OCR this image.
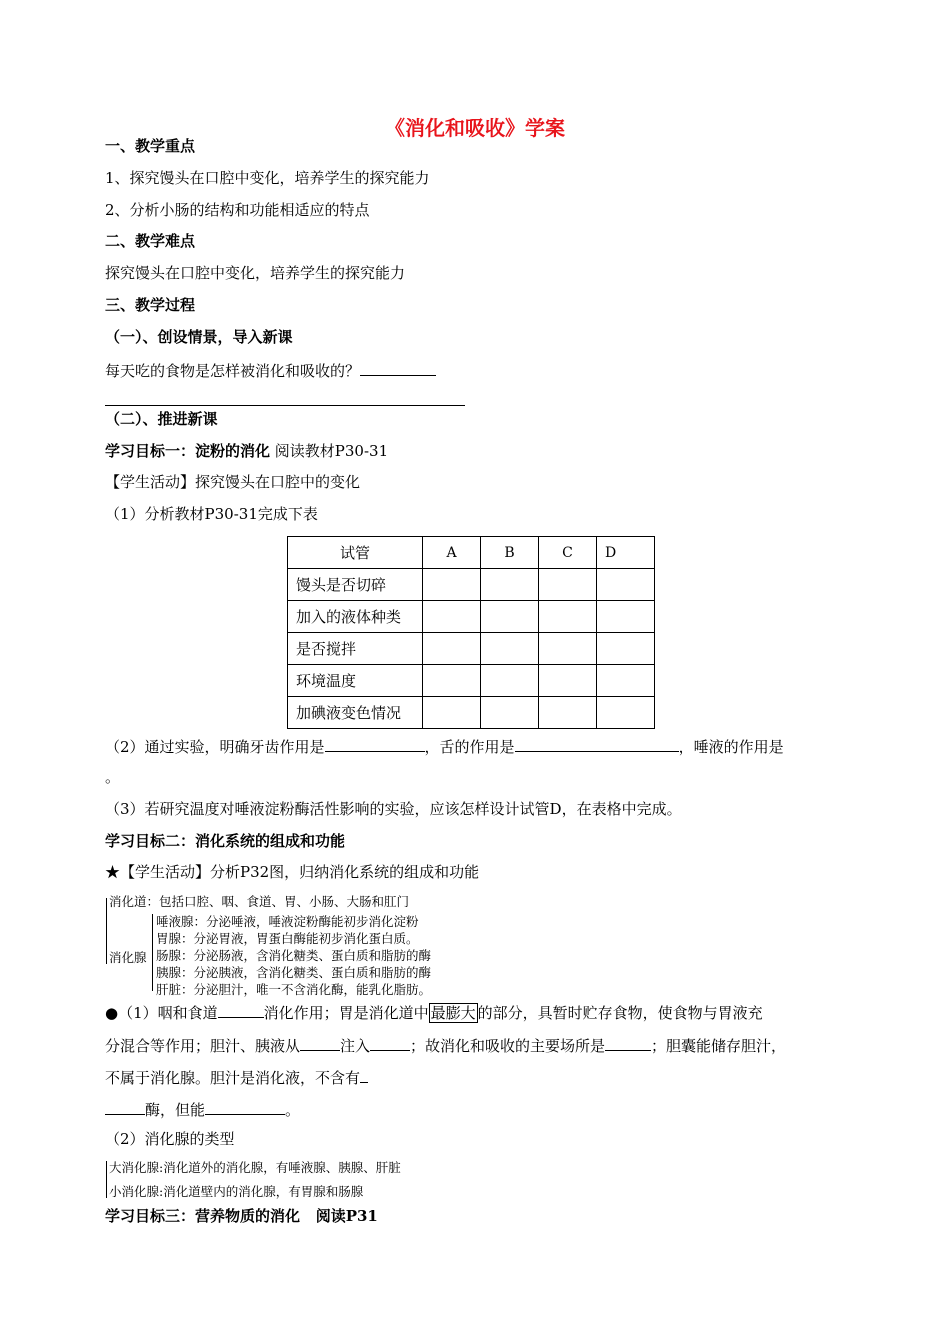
《消化和吸收》学案
一、教学重点
1、探究馒头在口腔中变化，培养学生的探究能力
2、分析小肠的结构和功能相适应的特点
二、教学难点
探究馒头在口腔中变化，培养学生的探究能力
三、教学过程
（一）、创设情景，导入新课
每天吃的食物是怎样被消化和吸收的？
（二）、推进新课
学习目标一：淀粉的消化 阅读教材P30-31
【学生活动】探究馒头在口腔中的变化
（1）分析教材P30-31完成下表
试管	A	B	C	D
馒头是否切碎				
加入的液体种类				
是否搅拌				
环境温度				
加碘液变色情况				
（2）通过实验，明确牙齿作用是	，舌的作用是	，唾液的作用是
。
（3）若研究温度对唾液淀粉酶活性影响的实验，应该怎样设计试管D，在表格中完成。
学习目标二：消化系统的组成和功能
★【学生活动】分析P32图，归纳消化系统的组成和功能
消化道：包括口腔、咽、食道、胃、小肠、大肠和肛门
消化腺
唾液腺：分泌唾液，唾液淀粉酶能初步消化淀粉
胃腺：分泌胃液，胃蛋白酶能初步消化蛋白质。
肠腺：分泌肠液，含消化糖类、蛋白质和脂肪的酶
胰腺：分泌胰液，含消化糖类、蛋白质和脂肪的酶
肝脏：分泌胆汁，唯一不含消化酶，能乳化脂肪。
●（1）咽和食道	消化作用；胃是消化道中 最膨大 的部分，具暂时贮存食物，使食物与胃液充
分混合等作用；胆汁、胰液从	注入	；故消化和吸收的主要场所是	；胆囊能储存胆汁，
不属于消化腺。胆汁是消化液，不含有
酶，但能	。
（2）消化腺的类型
大消化腺:消化道外的消化腺，有唾液腺、胰腺、肝脏
小消化腺:消化道壁内的消化腺，有胃腺和肠腺
学习目标三：营养物质的消化 阅读P31
